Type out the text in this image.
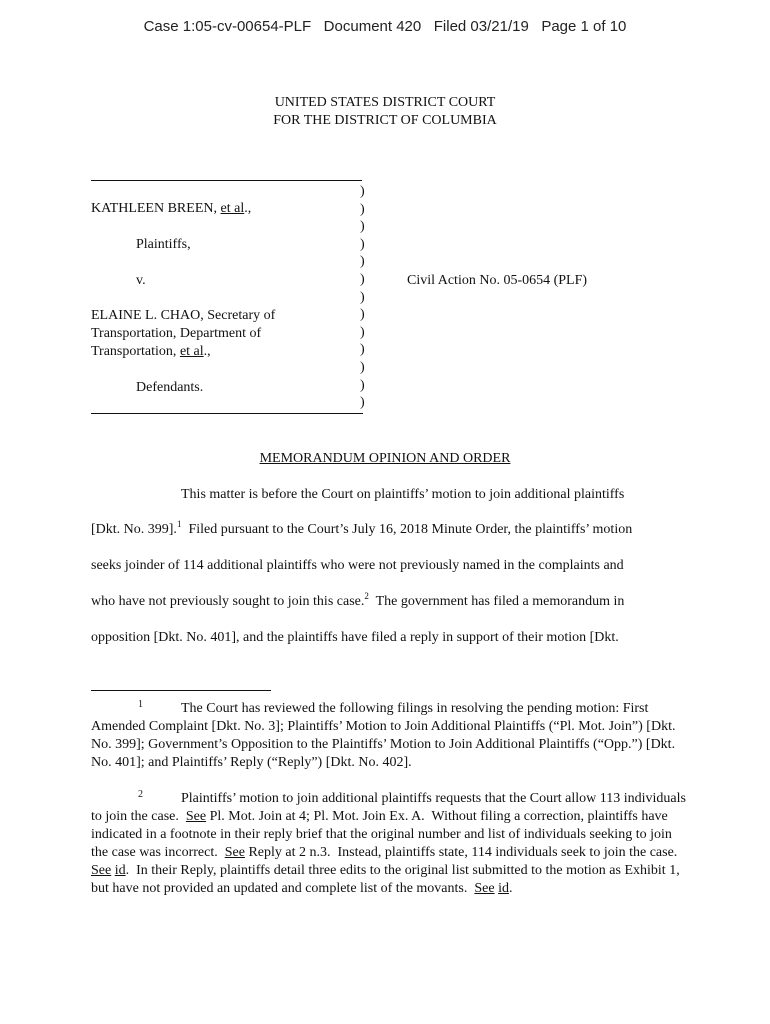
Case 1:05-cv-00654-PLF   Document 420   Filed 03/21/19   Page 1 of 10
UNITED STATES DISTRICT COURT
FOR THE DISTRICT OF COLUMBIA
)
)
)
)
)
)
)
)
)
)
)
)
)
KATHLEEN BREEN, et al.,
Plaintiffs,
v.	Civil Action No. 05-0654 (PLF)
ELAINE L. CHAO, Secretary of
Transportation, Department of
Transportation, et al.,
Defendants.
MEMORANDUM OPINION AND ORDER
This matter is before the Court on plaintiffs’ motion to join additional plaintiffs
[Dkt. No. 399].$^1$  Filed pursuant to the Court’s July 16, 2018 Minute Order, the plaintiffs’ motion
seeks joinder of 114 additional plaintiffs who were not previously named in the complaints and
who have not previously sought to join this case.$^2$  The government has filed a memorandum in
opposition [Dkt. No. 401], and the plaintiffs have filed a reply in support of their motion [Dkt.
1	The Court has reviewed the following filings in resolving the pending motion: First Amended Complaint [Dkt. No. 3]; Plaintiffs’ Motion to Join Additional Plaintiffs (“Pl. Mot. Join”) [Dkt. No. 399]; Government’s Opposition to the Plaintiffs’ Motion to Join Additional Plaintiffs (“Opp.”) [Dkt. No. 401]; and Plaintiffs’ Reply (“Reply”) [Dkt. No. 402].
2	Plaintiffs’ motion to join additional plaintiffs requests that the Court allow 113 individuals to join the case.  See Pl. Mot. Join at 4; Pl. Mot. Join Ex. A.  Without filing a correction, plaintiffs have indicated in a footnote in their reply brief that the original number and list of individuals seeking to join the case was incorrect.  See Reply at 2 n.3.  Instead, plaintiffs state, 114 individuals seek to join the case.  See id.  In their Reply, plaintiffs detail three edits to the original list submitted to the motion as Exhibit 1, but have not provided an updated and complete list of the movants.  See id.
